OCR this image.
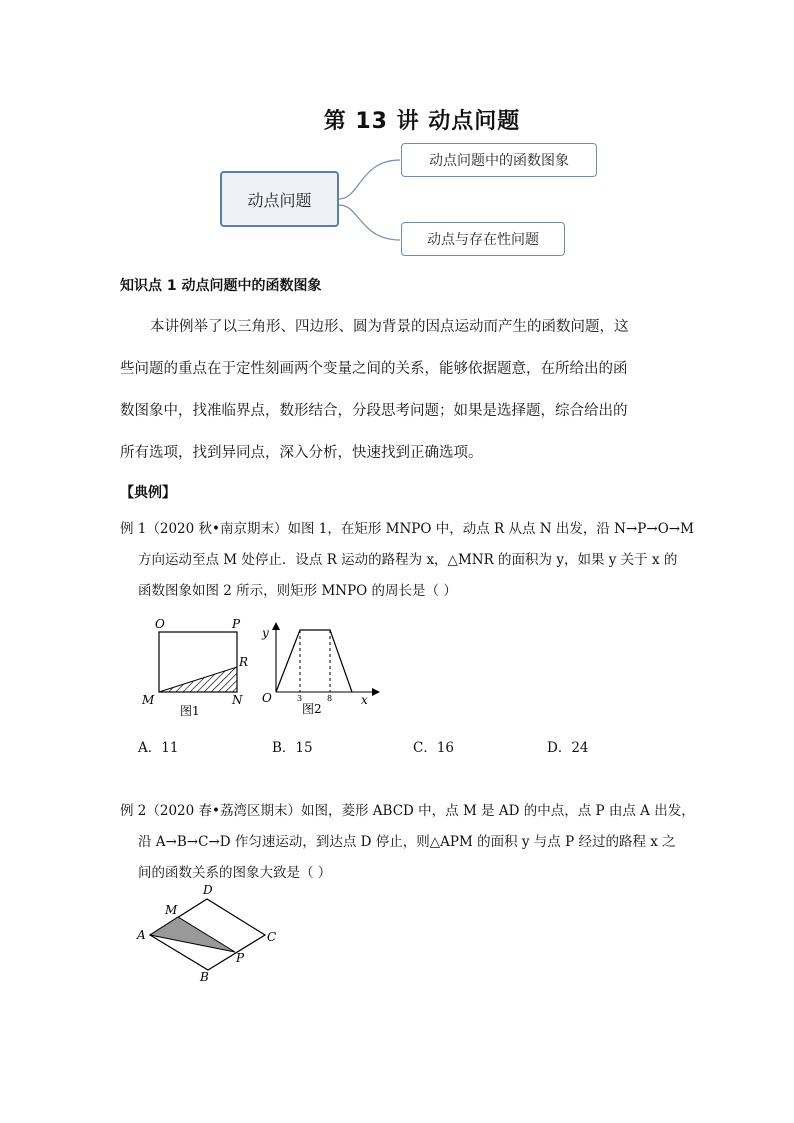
第 13 讲 动点问题
动点问题
动点问题中的函数图象
动点与存在性问题
知识点 1 动点问题中的函数图象
本讲例举了以三角形、四边形、圆为背景的因点运动而产生的函数问题，这
些问题的重点在于定性刻画两个变量之间的关系，能够依据题意，在所给出的函
数图象中，找准临界点，数形结合，分段思考问题；如果是选择题，综合给出的
所有选项，找到异同点，深入分析，快速找到正确选项。
【典例】
例 1（2020 秋•南京期末）如图 1，在矩形 MNPO 中，动点 R 从点 N 出发，沿 N→P→O→M
方向运动至点 M 处停止．设点 R 运动的路程为 x，△MNR 的面积为 y，如果 y 关于 x 的
函数图象如图 2 所示，则矩形 MNPO 的周长是（ ）
O	P
R
M	N
图1
y
x
O	3	8
图2
A．11	B．15	C．16	D．24
例 2（2020 春•荔湾区期末）如图，菱形 ABCD 中，点 M 是 AD 的中点，点 P 由点 A 出发，
沿 A→B→C→D 作匀速运动，到达点 D 停止，则△APM 的面积 y 与点 P 经过的路程 x 之
间的函数关系的图象大致是（ ）
A
D
C
B
M
P
